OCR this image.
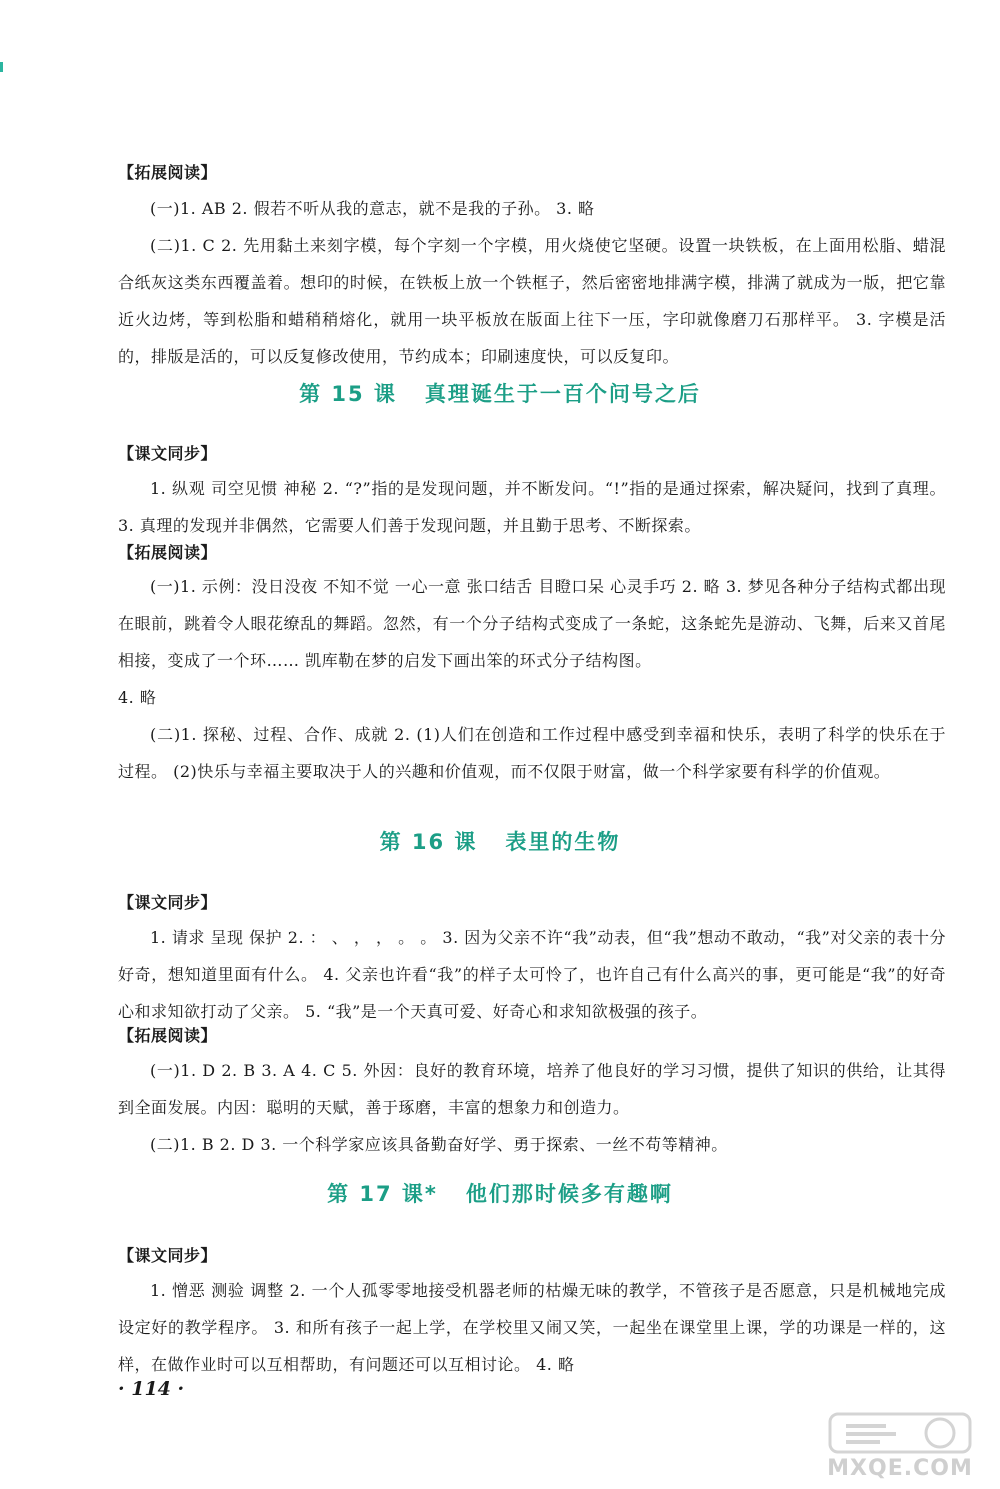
【拓展阅读】
(一)1. AB 2. 假若不听从我的意志，就不是我的子孙。 3. 略
(二)1. C 2. 先用黏土来刻字模，每个字刻一个字模，用火烧使它坚硬。设置一块铁板，在上面用松脂、蜡混合纸灰这类东西覆盖着。想印的时候，在铁板上放一个铁框子，然后密密地排满字模，排满了就成为一版，把它靠近火边烤，等到松脂和蜡稍稍熔化，就用一块平板放在版面上往下一压，字印就像磨刀石那样平。 3. 字模是活的，排版是活的，可以反复修改使用，节约成本；印刷速度快，可以反复印。
第 15 课 真理诞生于一百个问号之后
【课文同步】
1. 纵观 司空见惯 神秘 2. “?”指的是发现问题，并不断发问。“!”指的是通过探索，解决疑问，找到了真理。 3. 真理的发现并非偶然，它需要人们善于发现问题，并且勤于思考、不断探索。
【拓展阅读】
(一)1. 示例：没日没夜 不知不觉 一心一意 张口结舌 目瞪口呆 心灵手巧 2. 略 3. 梦见各种分子结构式都出现在眼前，跳着令人眼花缭乱的舞蹈。忽然，有一个分子结构式变成了一条蛇，这条蛇先是游动、飞舞，后来又首尾相接，变成了一个环…… 凯库勒在梦的启发下画出笨的环式分子结构图。
4. 略
(二)1. 探秘、过程、合作、成就 2. (1)人们在创造和工作过程中感受到幸福和快乐，表明了科学的快乐在于过程。 (2)快乐与幸福主要取决于人的兴趣和价值观，而不仅限于财富，做一个科学家要有科学的价值观。
第 16 课 表里的生物
【课文同步】
1. 请求 呈现 保护 2. ： 、 ， ， 。 。 3. 因为父亲不许“我”动表，但“我”想动不敢动，“我”对父亲的表十分好奇，想知道里面有什么。 4. 父亲也许看“我”的样子太可怜了，也许自己有什么高兴的事，更可能是“我”的好奇心和求知欲打动了父亲。 5. “我”是一个天真可爱、好奇心和求知欲极强的孩子。
【拓展阅读】
(一)1. D 2. B 3. A 4. C 5. 外因：良好的教育环境，培养了他良好的学习习惯，提供了知识的供给，让其得到全面发展。内因：聪明的天赋，善于琢磨，丰富的想象力和创造力。
(二)1. B 2. D 3. 一个科学家应该具备勤奋好学、勇于探索、一丝不苟等精神。
第 17 课* 他们那时候多有趣啊
【课文同步】
1. 憎恶 测验 调整 2. 一个人孤零零地接受机器老师的枯燥无味的教学，不管孩子是否愿意，只是机械地完成设定好的教学程序。 3. 和所有孩子一起上学，在学校里又闹又笑，一起坐在课堂里上课，学的功课是一样的，这样，在做作业时可以互相帮助，有问题还可以互相讨论。 4. 略
· 114 ·
MXQE.COM
